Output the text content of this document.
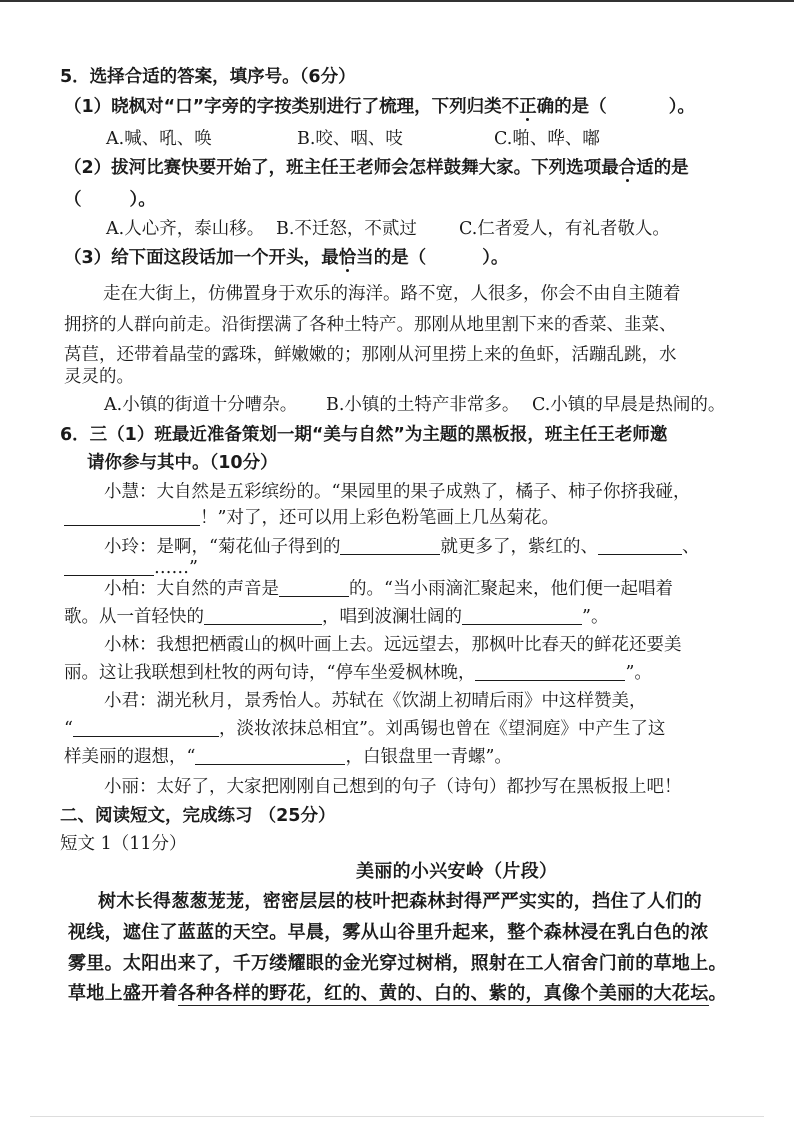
5．选择合适的答案，填序号。（6分）
（1）晓枫对“口”字旁的字按类别进行了梳理，下列归类不正确的是（	）。
A.喊、吼、唤	B.咬、咽、吱	C.啪、哗、嘟
（2）拔河比赛快要开始了，班主任王老师会怎样鼓舞大家。下列选项最合适的是
（	）。
A.人心齐，泰山移。 B.不迁怒，不贰过 C.仁者爱人，有礼者敬人。
（3）给下面这段话加一个开头，最恰当的是（	）。
走在大街上，仿佛置身于欢乐的海洋。路不宽，人很多，你会不由自主随着
拥挤的人群向前走。沿街摆满了各种土特产。那刚从地里割下来的香菜、韭菜、
莴苣，还带着晶莹的露珠，鲜嫩嫩的；那刚从河里捞上来的鱼虾，活蹦乱跳，水
灵灵的。
A.小镇的街道十分嘈杂。 B.小镇的土特产非常多。 C.小镇的早晨是热闹的。
6．三（1）班最近准备策划一期“美与自然”为主题的黑板报，班主任王老师邀
请你参与其中。（10分）
小慧：大自然是五彩缤纷的。“果园里的果子成熟了，橘子、柿子你挤我碰，
！”对了，还可以用上彩色粉笔画上几丛菊花。
小玲：是啊，“菊花仙子得到的	就更多了，紫红的、	、
……”
小柏：大自然的声音是	的。“当小雨滴汇聚起来，他们便一起唱着
歌。从一首轻快的	，唱到波澜壮阔的	”。
小林：我想把栖霞山的枫叶画上去。远远望去，那枫叶比春天的鲜花还要美
丽。这让我联想到杜牧的两句诗，“停车坐爱枫林晚，	”。
小君：湖光秋月，景秀怡人。苏轼在《饮湖上初晴后雨》中这样赞美，
“	，淡妆浓抹总相宜”。刘禹锡也曾在《望洞庭》中产生了这
样美丽的遐想，“	，白银盘里一青螺”。
小丽：太好了，大家把刚刚自己想到的句子（诗句）都抄写在黑板报上吧！
二、阅读短文，完成练习 （25分）
短文 1（11分）
美丽的小兴安岭（片段）
树木长得葱葱茏茏，密密层层的枝叶把森林封得严严实实的，挡住了人们的
视线，遮住了蓝蓝的天空。早晨，雾从山谷里升起来，整个森林浸在乳白色的浓
雾里。太阳出来了，千万缕耀眼的金光穿过树梢，照射在工人宿舍门前的草地上。
草地上盛开着各种各样的野花，红的、黄的、白的、紫的，真像个美丽的大花坛。
